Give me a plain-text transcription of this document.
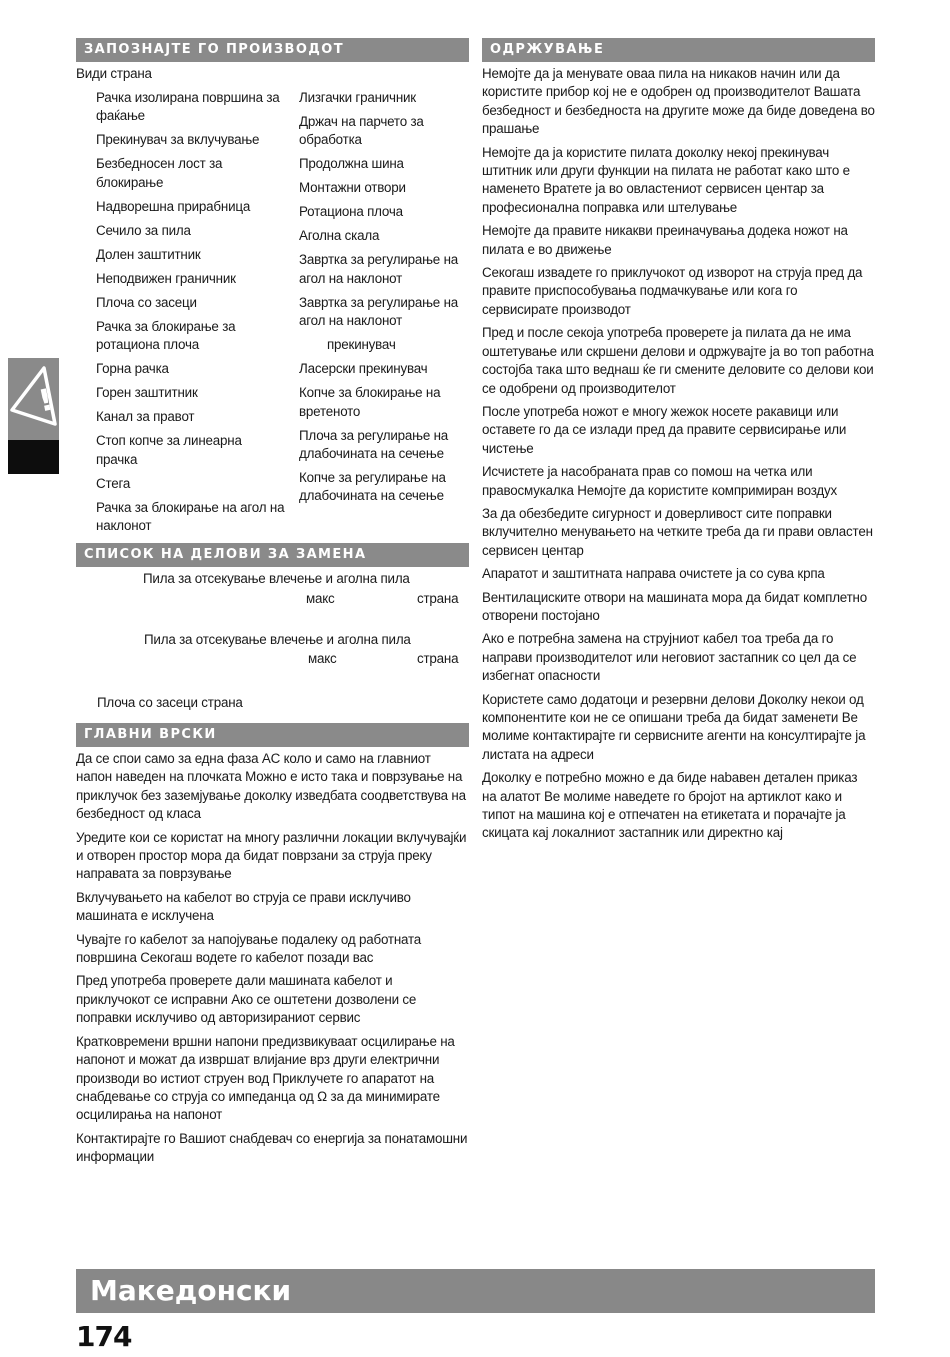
ЗАПОЗНАЈТЕ ГО ПРОИЗВОДОТ
Види страна
Рачка изолирана површина за фаќање
Прекинувач за вклучување
Безбедносен лост за блокирање
Надворешна прирабница
Сечило за пила
Долен заштитник
Неподвижен граничник
Плоча со засеци
Рачка за блокирање за ротациона плоча
Горна рачка
Горен заштитник
Канал за правот
Стоп копче за линеарна прачка
Стега
Рачка за блокирање на агол на наклонот
Лизгачки граничник
Држач на парчето за обработка
Продолжна шина
Монтажни отвори
Ротациона плоча
Аголна скала
Завртка за регулирање на агол на наклонот
Завртка за регулирање на агол на наклонот
прекинувач
Ласерски прекинувач
Копче за блокирање на вретеното
Плоча за регулирање на длабочината на сечење
Копче за регулирање на длабочината на сечење
СПИСОК НА ДЕЛОВИ ЗА ЗАМЕНА
Пила за отсекување влечење и аголна пила
макс	страна
Пила за отсекување влечење и аголна пила
макс	страна
Плоча со засеци страна
ГЛАВНИ ВРСКИ

Да се спои само за една фаза AC коло и само на главниот напон наведен на плочката Можно е исто така и поврзување на приклучок без заземјување доколку изведбата соодветствува на безбедност од класа

Уредите кои се користат на многу различни локации вклучувајќи и отворен простор мора да бидат поврзани за струја преку направата за поврзување

Вклучувањето на кабелот во струја се прави исклучиво машината е исклучена

Чувајте го кабелот за напојување подалеку од работната површина Секогаш водете го кабелот позади вас

Пред употреба проверете дали машината кабелот и приклучокот се исправни Ако се оштетени дозволени се поправки исклучиво од авторизираниот сервис

Кратковремени вршни напони предизвикуваат осцилирање на напонот и можат да извршат влијание врз други електрични производи во истиот струен вод Приклучете го апаратот на снабдевање со струја со импеданца од Ω за да минимирате осцилирања на напонот

Контактирајте го Вашиот снабдевач со енергија за понатамошни информации

ОДРЖУВАЊЕ

Немојте да ја менувате оваа пила на никаков начин или да користите прибор кој не е одобрен од производителот Вашата безбедност и безбедноста на другите може да биде доведена во прашање

Немојте да ја користите пилата доколку некој прекинувач штитник или други функции на пилата не работат како што е наменето Вратете ја во овластениот сервисен центар за професионална поправка или штелување

Немојте да правите никакви преиначувања додека ножот на пилата е во движење

Секогаш извадете го приклучокот од изворот на струја пред да правите приспособувања подмачкување или кога го сервисирате производот

Пред и после секоја употреба проверете ја пилата да не има оштетување или скршени делови и одржувајте ја во топ работна состојба така што веднаш ќе ги смените деловите со делови кои се одобрени од производителот

После употреба ножот е многу жежок носете ракавици или оставете го да се излади пред да правите сервисирање или чистење

Исчистете ја насобраната прав со помош на четка или правосмукалка Немојте да користите компримиран воздух

За да обезбедите сигурност и доверливост сите поправки вклучително менувањето на четките треба да ги прави овластен сервисен центар

Апаратот и заштитната направа очистете ја со сува крпа

Вентилациските отвори на машината мора да бидат комплетно отворени постојано

Ако е потребна замена на струјниот кабел тоа треба да го направи производителот или неговиот застапник со цел да се избегнат опасности

Користете само додатоци и резервни делови Доколку некои од компонентите кои не се опишани треба да бидат заменети Ве молиме контактирајте ги сервисните агенти на консултирајте ја листата на адреси

Доколку е потребно можно е да биде нabавен детален приказ на алатот Ве молиме наведете го бројот на артиклот како и типот на машина кој е отпечатен на етикетата и порачајте ја скицата кај локалниот застапник или директно кај

!
Македонски
174
